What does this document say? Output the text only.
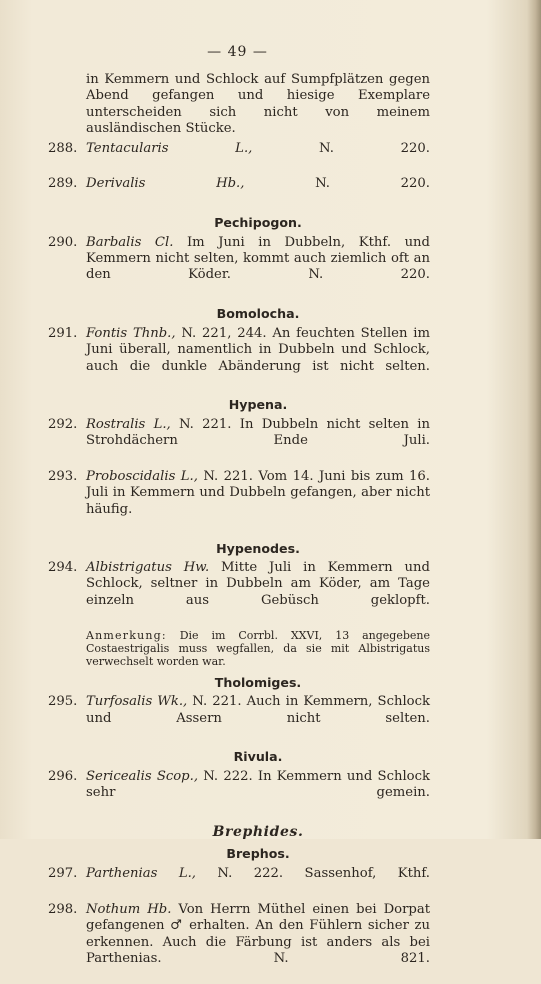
— 49 —
in Kemmern und Schlock auf Sumpfplätzen gegen Abend gefangen und hiesige Exemplare unterscheiden sich nicht von meinem ausländischen Stücke.
288. Tentacularis L., N. 220.
289. Derivalis Hb., N. 220.
Pechipogon.
290. Barbalis Cl. Im Juni in Dubbeln, Kthf. und Kemmern nicht selten, kommt auch ziemlich oft an den Köder. N. 220.
Bomolocha.
291. Fontis Thnb., N. 221, 244. An feuchten Stellen im Juni überall, namentlich in Dubbeln und Schlock, auch die dunkle Abänderung ist nicht selten.
Hypena.
292. Rostralis L., N. 221. In Dubbeln nicht selten in Strohdächern Ende Juli.
293. Proboscidalis L., N. 221. Vom 14. Juni bis zum 16. Juli in Kemmern und Dubbeln gefangen, aber nicht häufig.
Hypenodes.
294. Albistrigatus Hw. Mitte Juli in Kemmern und Schlock, seltner in Dubbeln am Köder, am Tage einzeln aus Gebüsch geklopft.
Anmerkung: Die im Corrbl. XXVI, 13 angegebene Costaestrigalis muss wegfallen, da sie mit Albistrigatus verwechselt worden war.
Tholomiges.
295. Turfosalis Wk., N. 221. Auch in Kemmern, Schlock und Assern nicht selten.
Rivula.
296. Sericealis Scop., N. 222. In Kemmern und Schlock sehr gemein.
Brephides.
Brephos.
297. Parthenias L., N. 222. Sassenhof, Kthf.
298. Nothum Hb. Von Herrn Müthel einen bei Dorpat gefangenen ♂ erhalten. An den Fühlern sicher zu erkennen. Auch die Färbung ist anders als bei Parthenias. N. 821.
